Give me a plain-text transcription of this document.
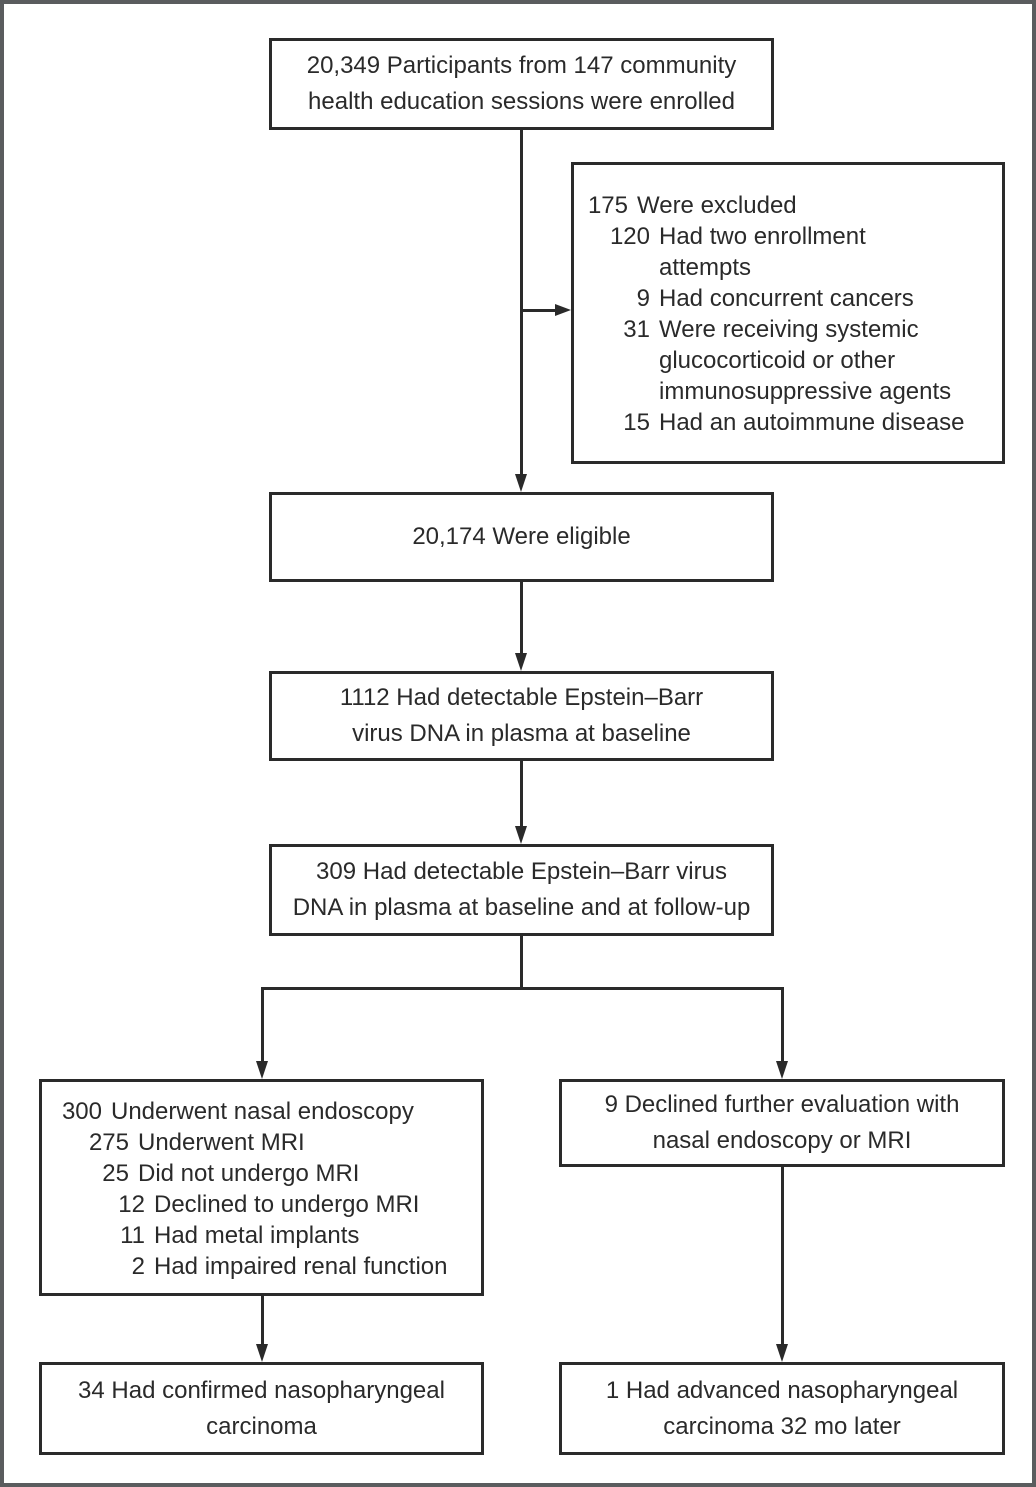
20,349 Participants from 147 community
health education sessions were enrolled
175 Were excluded
120 Had two enrollment
attempts
9 Had concurrent cancers
31 Were receiving systemic
glucocorticoid or other
immunosuppressive agents
15 Had an autoimmune disease
20,174 Were eligible
1112 Had detectable Epstein–Barr
virus DNA in plasma at baseline
309 Had detectable Epstein–Barr virus
DNA in plasma at baseline and at follow-up
300 Underwent nasal endoscopy
275 Underwent MRI
25 Did not undergo MRI
12 Declined to undergo MRI
11 Had metal implants
2 Had impaired renal function
9 Declined further evaluation with
nasal endoscopy or MRI
34 Had confirmed nasopharyngeal
carcinoma
1 Had advanced nasopharyngeal
carcinoma 32 mo later
